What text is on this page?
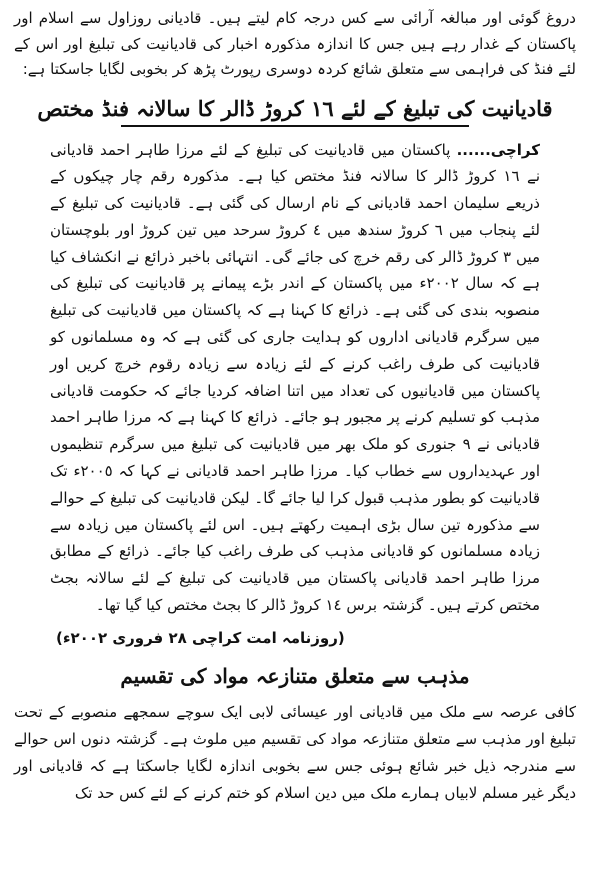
دروغ گوئی اور مبالغہ آرائی سے کس درجہ کام لیتے ہیں۔ قادیانی روزاول سے اسلام اور پاکستان کے غدار رہے ہیں جس کا اندازہ مذکورہ اخبار کی قادیانیت کی تبلیغ اور اس کے لئے فنڈ کی فراہمی سے متعلق شائع کردہ دوسری رپورٹ پڑھ کر بخوبی لگایا جاسکتا ہے:

قادیانیت کی تبلیغ کے لئے ١٦ کروڑ ڈالر کا سالانہ فنڈ مختص

کراچی...... پاکستان میں قادیانیت کی تبلیغ کے لئے مرزا طاہر احمد قادیانی نے ١٦ کروڑ ڈالر کا سالانہ فنڈ مختص کیا ہے۔ مذکورہ رقم چار چیکوں کے ذریعے سلیمان احمد قادیانی کے نام ارسال کی گئی ہے۔ قادیانیت کی تبلیغ کے لئے پنجاب میں ٦ کروڑ سندھ میں ٤ کروڑ سرحد میں تین کروڑ اور بلوچستان میں ٣ کروڑ ڈالر کی رقم خرچ کی جائے گی۔ انتہائی باخبر ذرائع نے انکشاف کیا ہے کہ سال ٢٠٠٢ء میں پاکستان کے اندر بڑے پیمانے پر قادیانیت کی تبلیغ کی منصوبہ بندی کی گئی ہے۔ ذرائع کا کہنا ہے کہ پاکستان میں قادیانیت کی تبلیغ میں سرگرم قادیانی اداروں کو ہدایت جاری کی گئی ہے کہ وہ مسلمانوں کو قادیانیت کی طرف راغب کرنے کے لئے زیادہ سے زیادہ رقوم خرچ کریں اور پاکستان میں قادیانیوں کی تعداد میں اتنا اضافہ کردیا جائے کہ حکومت قادیانی مذہب کو تسلیم کرنے پر مجبور ہو جائے۔ ذرائع کا کہنا ہے کہ مرزا طاہر احمد قادیانی نے ٩ جنوری کو ملک بھر میں قادیانیت کی تبلیغ میں سرگرم تنظیموں اور عہدیداروں سے خطاب کیا۔ مرزا طاہر احمد قادیانی نے کہا کہ ٢٠٠٥ء تک قادیانیت کو بطور مذہب قبول کرا لیا جائے گا۔ لیکن قادیانیت کی تبلیغ کے حوالے سے مذکورہ تین سال بڑی اہمیت رکھتے ہیں۔ اس لئے پاکستان میں زیادہ سے زیادہ مسلمانوں کو قادیانی مذہب کی طرف راغب کیا جائے۔ ذرائع کے مطابق مرزا طاہر احمد قادیانی پاکستان میں قادیانیت کی تبلیغ کے لئے سالانہ بجٹ مختص کرتے ہیں۔ گزشتہ برس ١٤ کروڑ ڈالر کا بجٹ مختص کیا گیا تھا۔

(روزنامہ امت کراچی ٢٨ فروری ٢٠٠٢ء)
مذہب سے متعلق متنازعہ مواد کی تقسیم

کافی عرصہ سے ملک میں قادیانی اور عیسائی لابی ایک سوچے سمجھے منصوبے کے تحت تبلیغ اور مذہب سے متعلق متنازعہ مواد کی تقسیم میں ملوث ہے۔ گزشتہ دنوں اس حوالے سے مندرجہ ذیل خبر شائع ہوئی جس سے بخوبی اندازہ لگایا جاسکتا ہے کہ قادیانی اور دیگر غیر مسلم لابیاں ہمارے ملک میں دین اسلام کو ختم کرنے کے لئے کس حد تک
